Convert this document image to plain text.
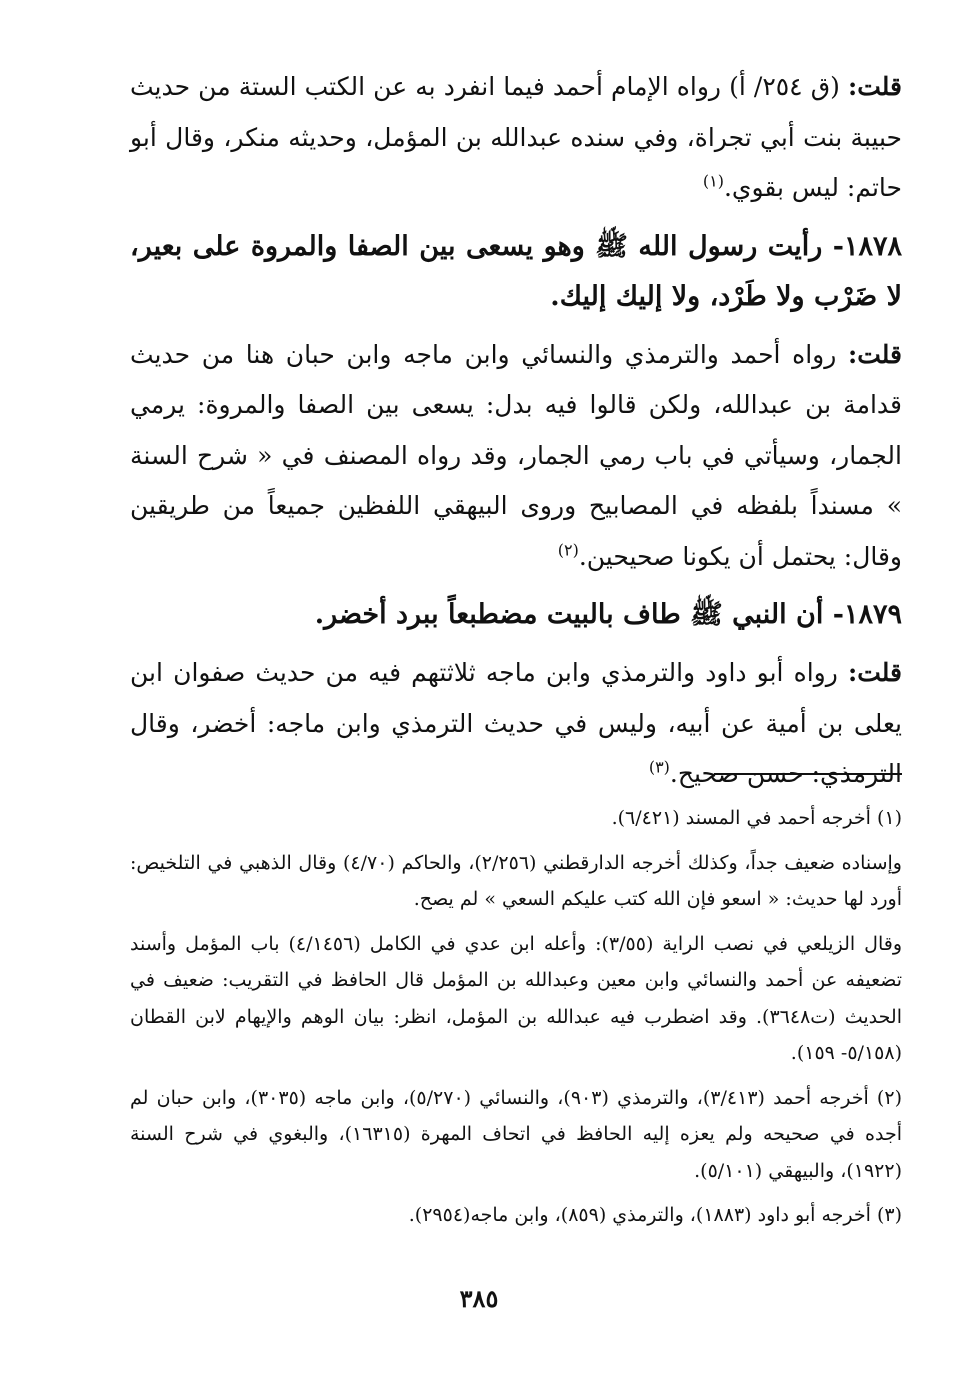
قلت: (ق ٢٥٤/ أ) رواه الإمام أحمد فيما انفرد به عن الكتب الستة من حديث حبيبة بنت أبي تجراة، وفي سنده عبدالله بن المؤمل، وحديثه منكر، وقال أبو حاتم: ليس بقوي.$^{(١)}$

١٨٧٨- رأيت رسول الله ﷺ وهو يسعى بين الصفا والمروة على بعير، لا ضَرْب ولا طَرْد، ولا إليك إليك.

قلت: رواه أحمد والترمذي والنسائي وابن ماجه وابن حبان هنا من حديث قدامة بن عبدالله، ولكن قالوا فيه بدل: يسعى بين الصفا والمروة: يرمي الجمار، وسيأتي في باب رمي الجمار، وقد رواه المصنف في « شرح السنة » مسنداً بلفظه في المصابيح وروى البيهقي اللفظين جميعاً من طريقين وقال: يحتمل أن يكونا صحيحين.$^{(٢)}$

١٨٧٩- أن النبي ﷺ طاف بالبيت مضطبعاً ببرد أخضر.

قلت: رواه أبو داود والترمذي وابن ماجه ثلاثتهم فيه من حديث صفوان ابن يعلى بن أمية عن أبيه، وليس في حديث الترمذي وابن ماجه: أخضر، وقال الترمذي: حسن صحيح.$^{(٣)}$

(١) أخرجه أحمد في المسند (٦/٤٢١).

وإسناده ضعيف جداً، وكذلك أخرجه الدارقطني (٢/٢٥٦)، والحاكم (٤/٧٠) وقال الذهبي في التلخيص: أورد لها حديث: « اسعو فإن الله كتب عليكم السعي » لم يصح.

وقال الزيلعي في نصب الراية (٣/٥٥): وأعله ابن عدي في الكامل (٤/١٤٥٦) باب المؤمل وأسند تضعيفه عن أحمد والنسائي وابن معين وعبدالله بن المؤمل قال الحافظ في التقريب: ضعيف في الحديث (ت٣٦٤٨). وقد اضطرب فيه عبدالله بن المؤمل، انظر: بيان الوهم والإيهام لابن القطان (٥/١٥٨- ١٥٩).

(٢) أخرجه أحمد (٣/٤١٣)، والترمذي (٩٠٣)، والنسائي (٥/٢٧٠)، وابن ماجه (٣٠٣٥)، وابن حبان لم أجده في صحيحه ولم يعزه إليه الحافظ في اتحاف المهرة (١٦٣١٥)، والبغوي في شرح السنة (١٩٢٢)، والبيهقي (٥/١٠١).

(٣) أخرجه أبو داود (١٨٨٣)، والترمذي (٨٥٩)، وابن ماجه(٢٩٥٤).

٣٨٥
